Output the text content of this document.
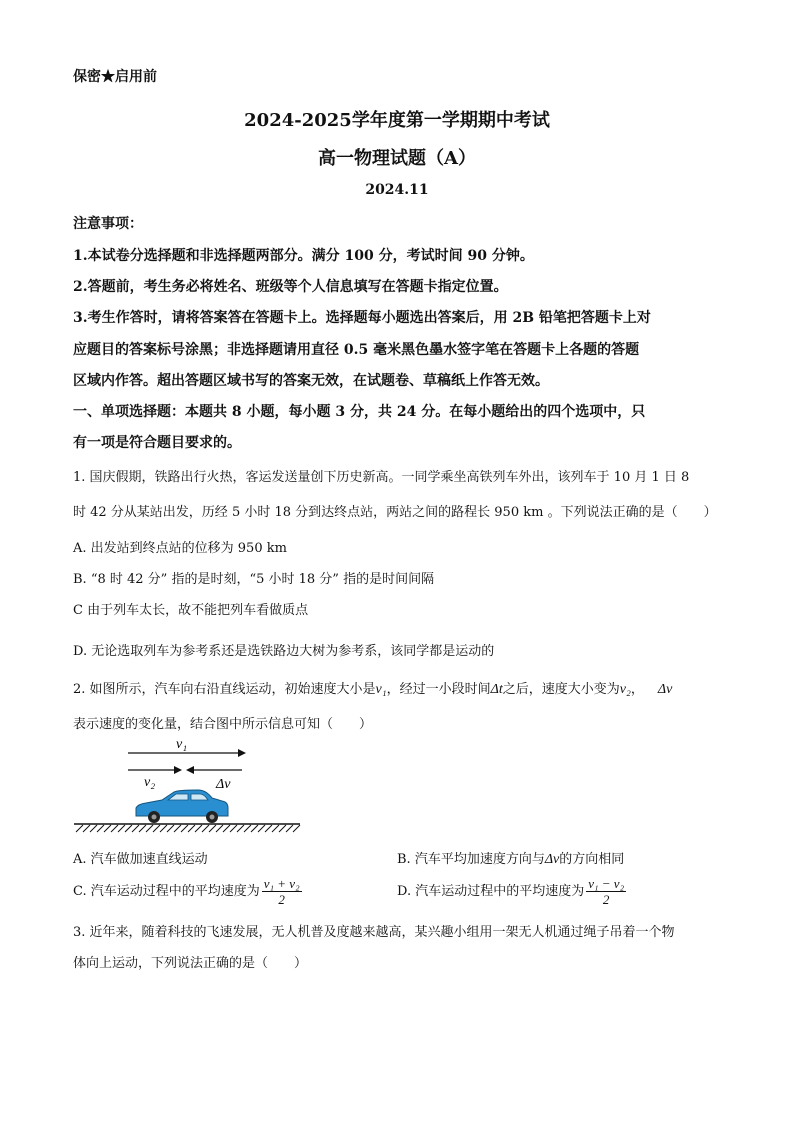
保密★启用前
2024-2025学年度第一学期期中考试
高一物理试题（A）
2024.11
注意事项：
1.本试卷分选择题和非选择题两部分。满分 100 分，考试时间 90 分钟。
2.答题前，考生务必将姓名、班级等个人信息填写在答题卡指定位置。
3.考生作答时，请将答案答在答题卡上。选择题每小题选出答案后，用 2B 铅笔把答题卡上对
应题目的答案标号涂黑；非选择题请用直径 0.5 毫米黑色墨水签字笔在答题卡上各题的答题
区域内作答。超出答题区域书写的答案无效，在试题卷、草稿纸上作答无效。
一、单项选择题：本题共 8 小题，每小题 3 分，共 24 分。在每小题给出的四个选项中，只
有一项是符合题目要求的。
1. 国庆假期，铁路出行火热，客运发送量创下历史新高。一同学乘坐高铁列车外出，该列车于 10 月 1 日 8
时 42 分从某站出发，历经 5 小时 18 分到达终点站，两站之间的路程长 950 km 。下列说法正确的是（　　）
A. 出发站到终点站的位移为 950 km
B. “8 时 42 分” 指的是时刻，“5 小时 18 分” 指的是时间间隔
C 由于列车太长，故不能把列车看做质点
D. 无论选取列车为参考系还是选铁路边大树为参考系，该同学都是运动的
2. 如图所示，汽车向右沿直线运动，初始速度大小是v₁，经过一小段时间Δt之后，速度大小变为v₂， Δv
表示速度的变化量，结合图中所示信息可知（　　）
v₁
v₂	Δv
A. 汽车做加速直线运动	B. 汽车平均加速度方向与Δv的方向相同
C. 汽车运动过程中的平均速度为 $\frac{\text{v₁ + v₂}}{2}$	D. 汽车运动过程中的平均速度为 $\frac{\text{v₁ − v₂}}{2}$
3. 近年来，随着科技的飞速发展，无人机普及度越来越高，某兴趣小组用一架无人机通过绳子吊着一个物
体向上运动，下列说法正确的是（　　）
